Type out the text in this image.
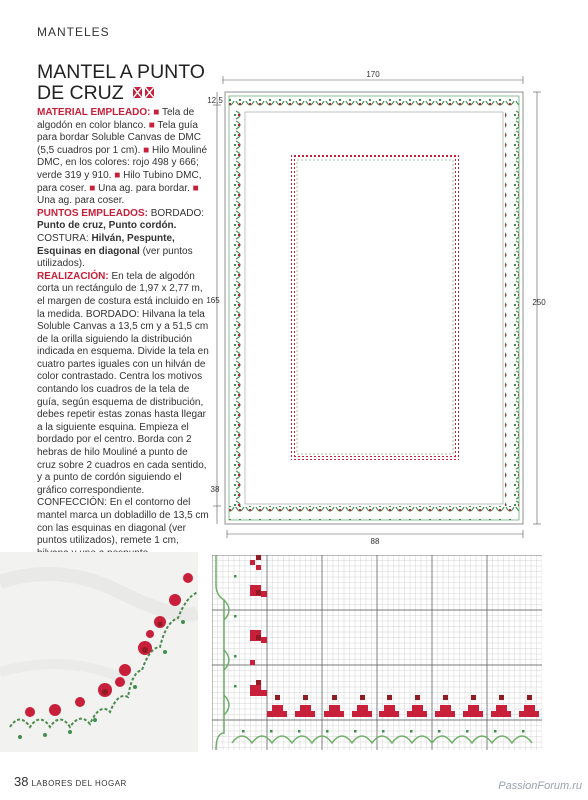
MANTELES
MANTEL A PUNTO
DE CRUZ

MATERIAL EMPLEADO: ■ Tela de algodón en color blanco. ■ Tela guía para bordar Soluble Canvas de DMC (5,5 cuadros por 1 cm). ■ Hilo Mouliné DMC, en los colores: rojo 498 y 666; verde 319 y 910. ■ Hilo Tubino DMC, para coser. ■ Una ag. para bordar. ■ Una ag. para coser.

PUNTOS EMPLEADOS: BORDADO: Punto de cruz, Punto cordón. COSTURA: Hilván, Pespunte, Esquinas en diagonal (ver puntos utilizados).

REALIZACIÓN: En tela de algodón corta un rectángulo de 1,97 x 2,77 m, el margen de costura está incluido en la medida. BORDADO: Hilvana la tela Soluble Canvas a 13,5 cm y a 51,5 cm de la orilla siguiendo la distribución indicada en esquema. Divide la tela en cuatro partes iguales con un hilván de color contrastado. Centra los motivos contando los cuadros de la tela de guía, según esquema de distribución, debes repetir estas zonas hasta llegar a la siguiente esquina. Empieza el bordado por el centro. Borda con 2 hebras de hilo Mouliné a punto de cruz sobre 2 cuadros en cada sentido, y a punto de cordón siguiendo el gráfico correspondiente. CONFECCIÓN: En el contorno del mantel marca un dobladillo de 13,5 cm con las esquinas en diagonal (ver puntos utilizados), remete 1 cm,

170
12,5
165	250
38
88
38 LABORES DEL HOGAR	PassionForum.ru
